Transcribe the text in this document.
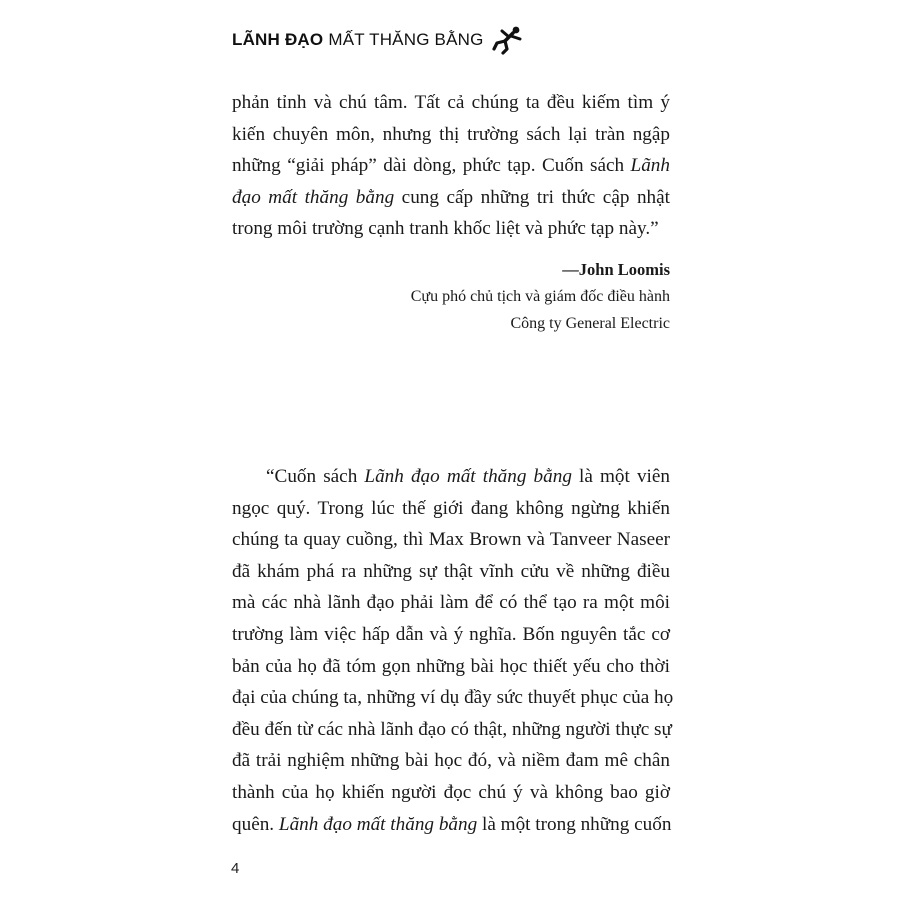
LÃNH ĐẠO MẤT THĂNG BẰNG
phản tỉnh và chú tâm. Tất cả chúng ta đều kiếm tìm ý
kiến chuyên môn, nhưng thị trường sách lại tràn ngập
những “giải pháp” dài dòng, phức tạp. Cuốn sách Lãnh
đạo mất thăng bằng cung cấp những tri thức cập nhật
trong môi trường cạnh tranh khốc liệt và phức tạp này.”
—John Loomis
Cựu phó chủ tịch và giám đốc điều hành
Công ty General Electric
“Cuốn sách Lãnh đạo mất thăng bằng là một viên
ngọc quý. Trong lúc thế giới đang không ngừng khiến
chúng ta quay cuồng, thì Max Brown và Tanveer Naseer
đã khám phá ra những sự thật vĩnh cửu về những điều
mà các nhà lãnh đạo phải làm để có thể tạo ra một môi
trường làm việc hấp dẫn và ý nghĩa. Bốn nguyên tắc cơ
bản của họ đã tóm gọn những bài học thiết yếu cho thời
đại của chúng ta, những ví dụ đầy sức thuyết phục của họ
đều đến từ các nhà lãnh đạo có thật, những người thực sự
đã trải nghiệm những bài học đó, và niềm đam mê chân
thành của họ khiến người đọc chú ý và không bao giờ
quên. Lãnh đạo mất thăng bằng là một trong những cuốn
4
